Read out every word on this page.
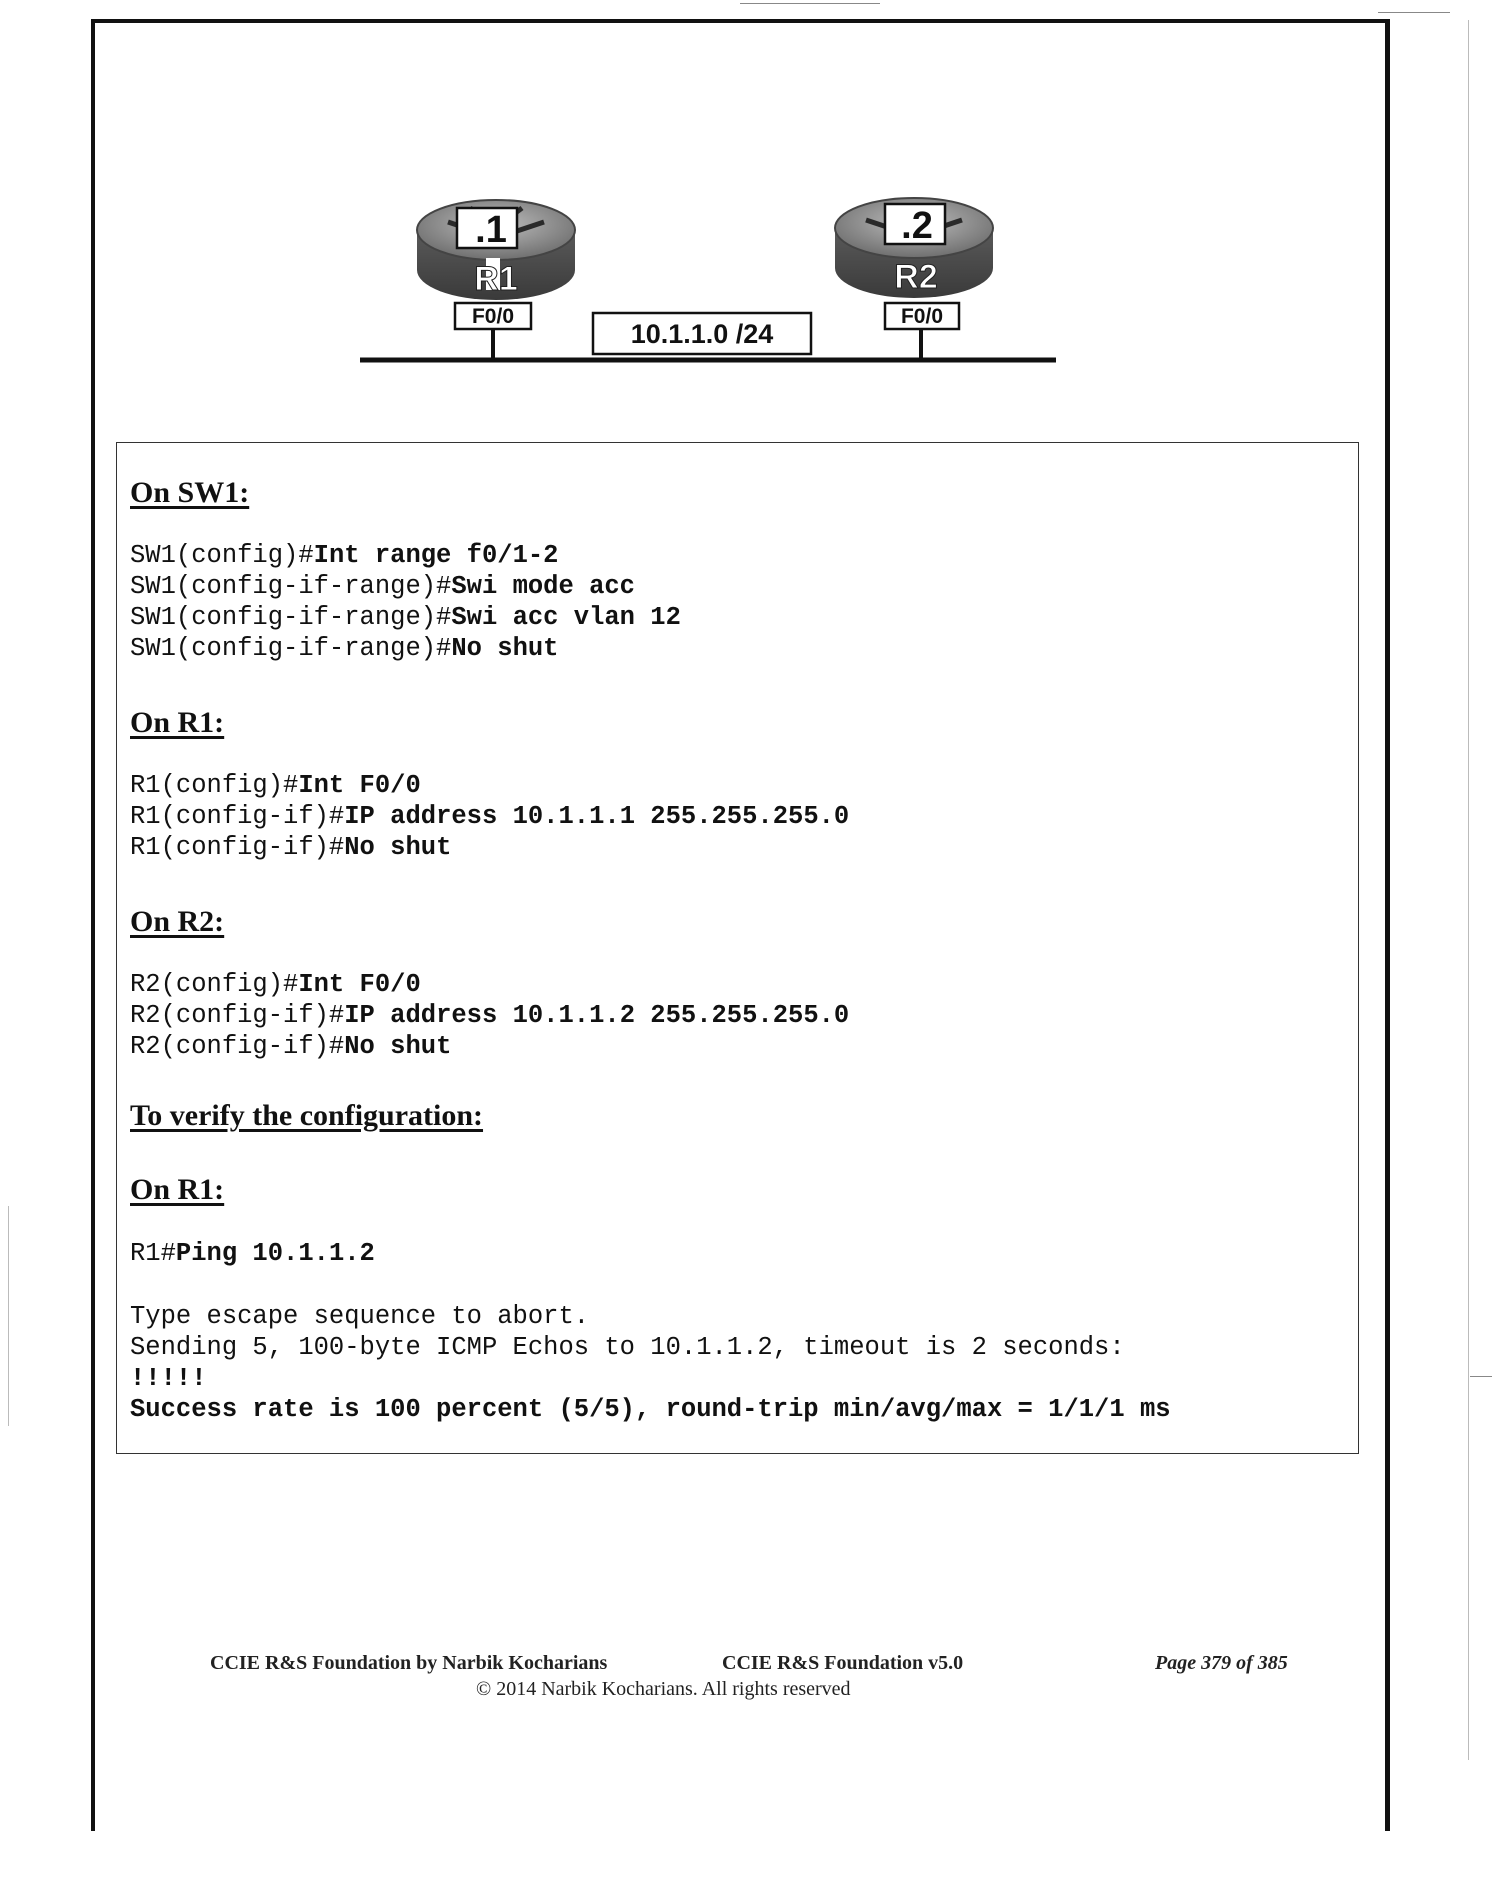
.1
R1
F0/0
.2
R2
F0/0
10.1.1.0 /24
On SW1:
SW1(config)#Int range f0/1-2
SW1(config-if-range)#Swi mode acc
SW1(config-if-range)#Swi acc vlan 12
SW1(config-if-range)#No shut
On R1:
R1(config)#Int F0/0
R1(config-if)#IP address 10.1.1.1 255.255.255.0
R1(config-if)#No shut
On R2:
R2(config)#Int F0/0
R2(config-if)#IP address 10.1.1.2 255.255.255.0
R2(config-if)#No shut
To verify the configuration:
On R1:
R1#Ping 10.1.1.2
Type escape sequence to abort.
Sending 5, 100-byte ICMP Echos to 10.1.1.2, timeout is 2 seconds:
!!!!!
Success rate is 100 percent (5/5), round-trip min/avg/max = 1/1/1 ms
CCIE R&S Foundation by Narbik Kocharians	CCIE R&S Foundation v5.0	Page 379 of 385
© 2014 Narbik Kocharians. All rights reserved
